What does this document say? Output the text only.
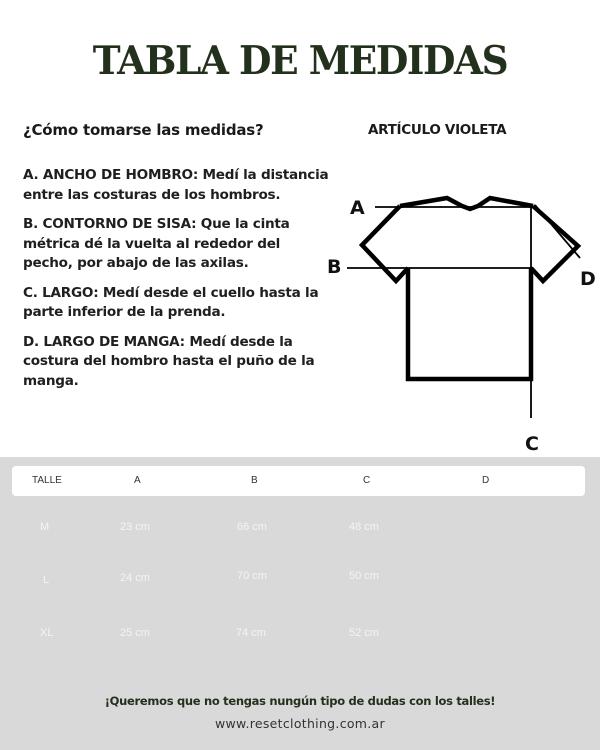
TABLA DE MEDIDAS
¿Cómo tomarse las medidas?	ARTÍCULO VIOLETA

A. ANCHO DE HOMBRO: Medí la distancia entre las costuras de los hombros.

B. CONTORNO DE SISA: Que la cinta métrica dé la vuelta al rededor del pecho, por abajo de las axilas.

C. LARGO: Medí desde el cuello hasta la parte inferior de la prenda.

D. LARGO DE MANGA: Medí desde la costura del hombro hasta el puño de la manga.

A
B
C
D
TALLE	A	B	C	D
M	23 cm	66 cm	48 cm
L	24 cm	70 cm	50 cm
XL	25 cm	74 cm	52 cm
¡Queremos que no tengas nungún tipo de dudas con los talles!
www.resetclothing.com.ar
